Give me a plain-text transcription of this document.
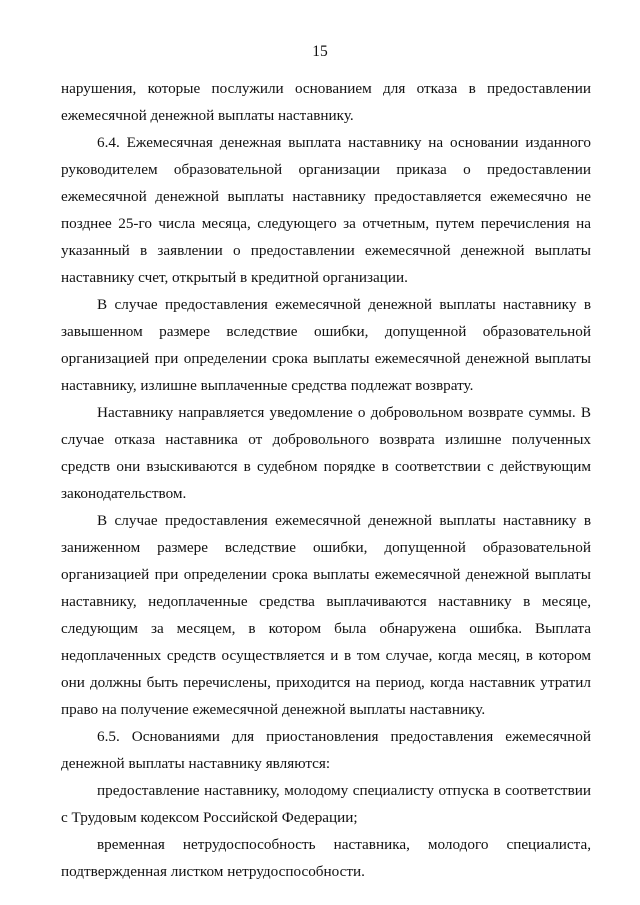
15

нарушения, которые послужили основанием для отказа в предоставлении ежемесячной денежной выплаты наставнику.

6.4. Ежемесячная денежная выплата наставнику на основании изданного руководителем образовательной организации приказа о предоставлении ежемесячной денежной выплаты наставнику предоставляется ежемесячно не позднее 25-го числа месяца, следующего за отчетным, путем перечисления на указанный в заявлении о предоставлении ежемесячной денежной выплаты наставнику счет, открытый в кредитной организации.

В случае предоставления ежемесячной денежной выплаты наставнику в завышенном размере вследствие ошибки, допущенной образовательной организацией при определении срока выплаты ежемесячной денежной выплаты наставнику, излишне выплаченные средства подлежат возврату.

Наставнику направляется уведомление о добровольном возврате суммы. В случае отказа наставника от добровольного возврата излишне полученных средств они взыскиваются в судебном порядке в соответствии с действующим законодательством.

В случае предоставления ежемесячной денежной выплаты наставнику в заниженном размере вследствие ошибки, допущенной образовательной организацией при определении срока выплаты ежемесячной денежной выплаты наставнику, недоплаченные средства выплачиваются наставнику в месяце, следующим за месяцем, в котором была обнаружена ошибка. Выплата недоплаченных средств осуществляется и в том случае, когда месяц, в котором они должны быть перечислены, приходится на период, когда наставник утратил право на получение ежемесячной денежной выплаты наставнику.

6.5. Основаниями для приостановления предоставления ежемесячной денежной выплаты наставнику являются:

предоставление наставнику, молодому специалисту отпуска в соответствии с Трудовым кодексом Российской Федерации;

временная нетрудоспособность наставника, молодого специалиста, подтвержденная листком нетрудоспособности.
